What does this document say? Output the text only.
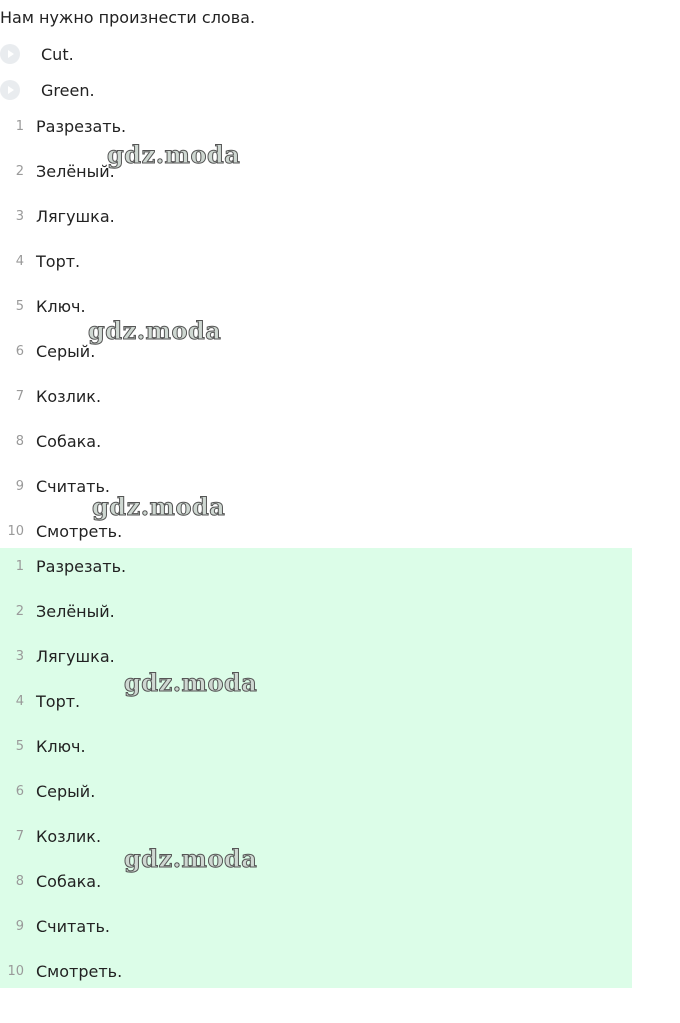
Нам нужно произнести слова.
Cut.
Green.
1 Разрезать.
2 Зелёный.
3 Лягушка.
4 Торт.
5 Ключ.
6 Серый.
7 Козлик.
8 Собака.
9 Считать.
10 Смотреть.
1 Разрезать.
2 Зелёный.
3 Лягушка.
4 Торт.
5 Ключ.
6 Серый.
7 Козлик.
8 Собака.
9 Считать.
10 Смотреть.
gdz.moda
gdz.moda
gdz.moda
gdz.moda
gdz.moda
